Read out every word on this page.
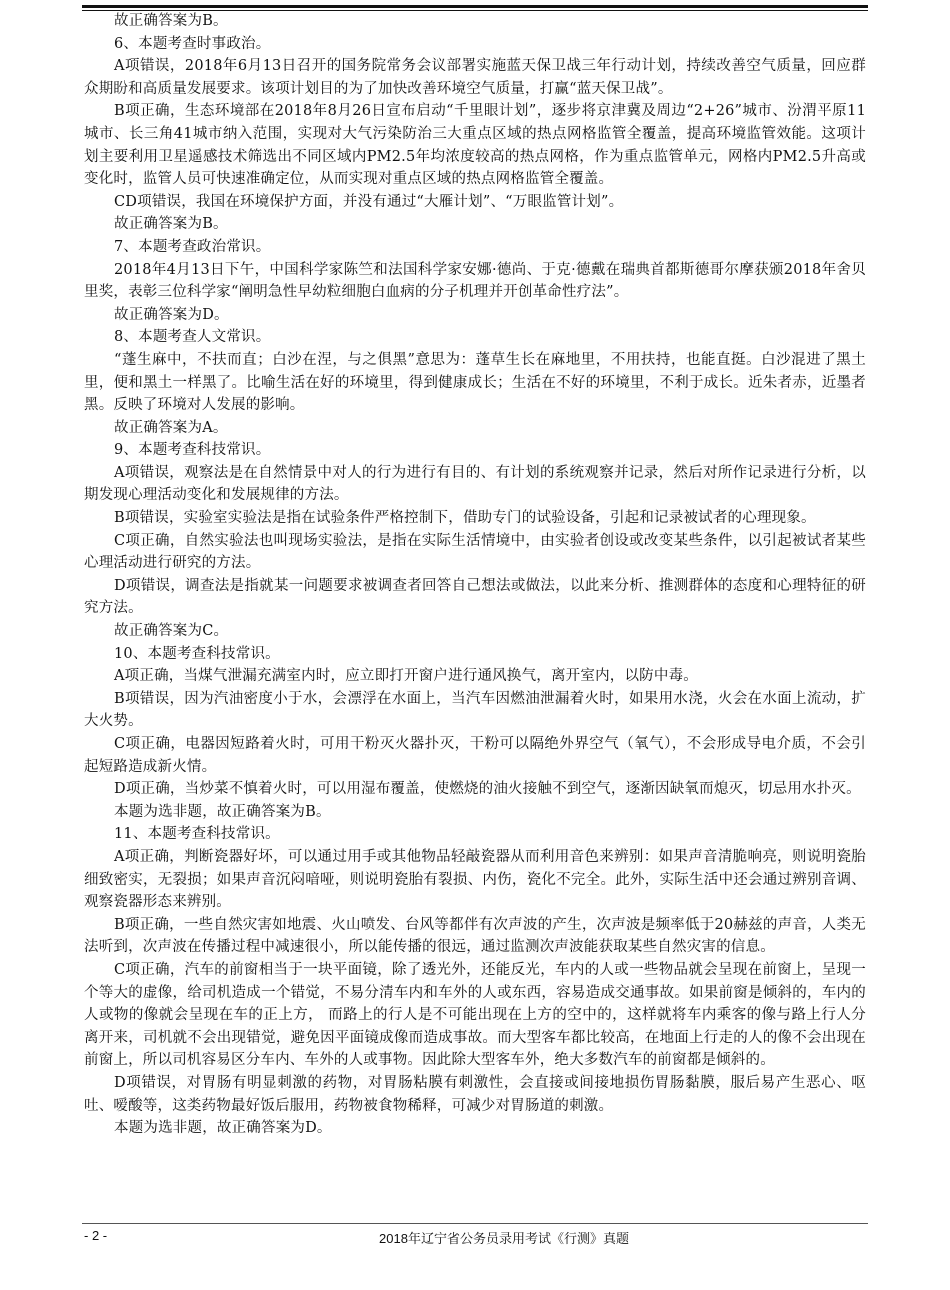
故正确答案为B。

6、本题考查时事政治。

A项错误，2018年6月13日召开的国务院常务会议部署实施蓝天保卫战三年行动计划，持续改善空气质量，回应群众期盼和高质量发展要求。该项计划目的为了加快改善环境空气质量，打赢“蓝天保卫战”。

B项正确，生态环境部在2018年8月26日宣布启动“千里眼计划”，逐步将京津冀及周边“2+26”城市、汾渭平原11城市、长三角41城市纳入范围，实现对大气污染防治三大重点区域的热点网格监管全覆盖，提高环境监管效能。这项计划主要利用卫星遥感技术筛选出不同区域内PM2.5年均浓度较高的热点网格，作为重点监管单元，网格内PM2.5升高或变化时，监管人员可快速准确定位，从而实现对重点区域的热点网格监管全覆盖。

CD项错误，我国在环境保护方面，并没有通过“大雁计划”、“万眼监管计划”。

故正确答案为B。

7、本题考查政治常识。

2018年4月13日下午，中国科学家陈竺和法国科学家安娜·德尚、于克·德戴在瑞典首都斯德哥尔摩获颁2018年舍贝里奖，表彰三位科学家“阐明急性早幼粒细胞白血病的分子机理并开创革命性疗法”。

故正确答案为D。

8、本题考查人文常识。

“蓬生麻中，不扶而直；白沙在涅，与之俱黑”意思为：蓬草生长在麻地里，不用扶持，也能直挺。白沙混进了黑土里，便和黑土一样黑了。比喻生活在好的环境里，得到健康成长；生活在不好的环境里，不利于成长。近朱者赤，近墨者黑。反映了环境对人发展的影响。

故正确答案为A。

9、本题考查科技常识。

A项错误，观察法是在自然情景中对人的行为进行有目的、有计划的系统观察并记录，然后对所作记录进行分析，以期发现心理活动变化和发展规律的方法。

B项错误，实验室实验法是指在试验条件严格控制下，借助专门的试验设备，引起和记录被试者的心理现象。

C项正确，自然实验法也叫现场实验法，是指在实际生活情境中，由实验者创设或改变某些条件，以引起被试者某些心理活动进行研究的方法。

D项错误，调查法是指就某一问题要求被调查者回答自己想法或做法，以此来分析、推测群体的态度和心理特征的研究方法。

故正确答案为C。

10、本题考查科技常识。

A项正确，当煤气泄漏充满室内时，应立即打开窗户进行通风换气，离开室内，以防中毒。

B项错误，因为汽油密度小于水，会漂浮在水面上，当汽车因燃油泄漏着火时，如果用水浇，火会在水面上流动，扩大火势。

C项正确，电器因短路着火时，可用干粉灭火器扑灭，干粉可以隔绝外界空气（氧气），不会形成导电介质，不会引起短路造成新火情。

D项正确，当炒菜不慎着火时，可以用湿布覆盖，使燃烧的油火接触不到空气，逐渐因缺氧而熄灭，切忌用水扑灭。

本题为选非题，故正确答案为B。

11、本题考查科技常识。

A项正确，判断瓷器好坏，可以通过用手或其他物品轻敲瓷器从而利用音色来辨别：如果声音清脆响亮，则说明瓷胎细致密实，无裂损；如果声音沉闷喑哑，则说明瓷胎有裂损、内伤，瓷化不完全。此外，实际生活中还会通过辨别音调、观察瓷器形态来辨别。

B项正确，一些自然灾害如地震、火山喷发、台风等都伴有次声波的产生，次声波是频率低于20赫兹的声音，人类无法听到，次声波在传播过程中减速很小，所以能传播的很远，通过监测次声波能获取某些自然灾害的信息。

C项正确，汽车的前窗相当于一块平面镜，除了透光外，还能反光，车内的人或一些物品就会呈现在前窗上，呈现一个等大的虚像，给司机造成一个错觉，不易分清车内和车外的人或东西，容易造成交通事故。如果前窗是倾斜的，车内的人或物的像就会呈现在车的正上方， 而路上的行人是不可能出现在上方的空中的，这样就将车内乘客的像与路上行人分离开来，司机就不会出现错觉，避免因平面镜成像而造成事故。而大型客车都比较高，在地面上行走的人的像不会出现在前窗上，所以司机容易区分车内、车外的人或事物。因此除大型客车外，绝大多数汽车的前窗都是倾斜的。

D项错误，对胃肠有明显刺激的药物，对胃肠粘膜有刺激性，会直接或间接地损伤胃肠黏膜，服后易产生恶心、呕吐、嗳酸等，这类药物最好饭后服用，药物被食物稀释，可减少对胃肠道的刺激。

本题为选非题，故正确答案为D。

- 2 -	2018年辽宁省公务员录用考试《行测》真题
